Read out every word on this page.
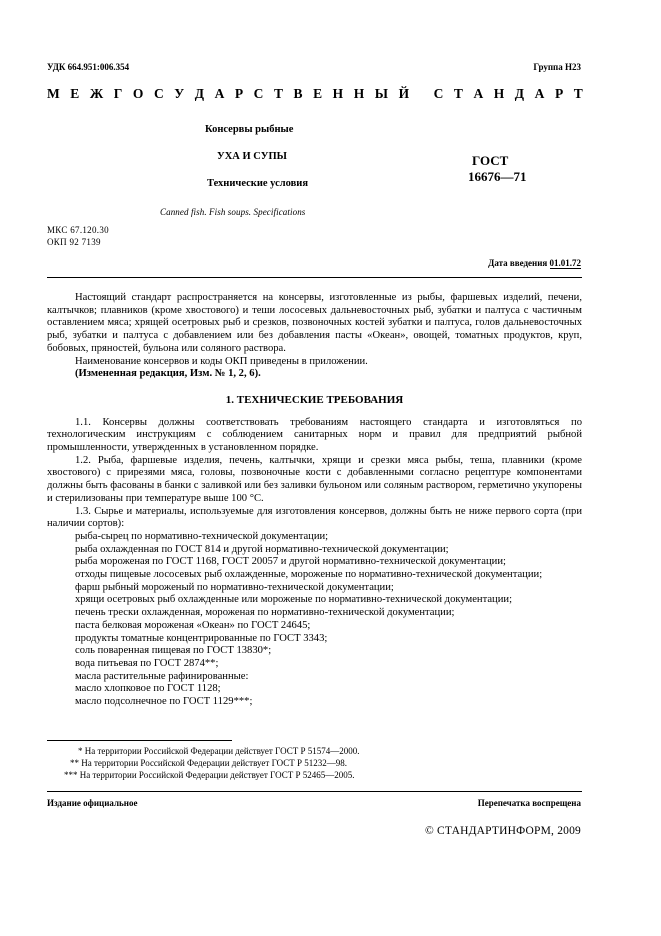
УДК 664.951:006.354	Группа Н23
М Е Ж Г О С У Д А Р С Т В Е Н Н Ы Й
С Т А Н Д А Р Т
Консервы рыбные
УХА И СУПЫ
Технические условия
ГОСТ
16676—71
Canned fish. Fish soups. Specifications
МКС 67.120.30
ОКП 92 7139
Дата введения 01.01.72

Настоящий стандарт распространяется на консервы, изготовленные из рыбы, фаршевых изделий, печени, калтычков; плавников (кроме хвостового) и теши лососевых дальневосточных рыб, зубатки и палтуса с частичным оставлением мяса; хрящей осетровых рыб и срезков, позвоночных костей зубатки и палтуса, голов дальневосточных рыб, зубатки и палтуса с добавлением или без добавления пасты «Океан», овощей, томатных продуктов, круп, бобовых, пряностей, бульона или соляного раствора.

Наименование консервов и коды ОКП приведены в приложении.

(Измененная редакция, Изм. № 1, 2, 6).

1. ТЕХНИЧЕСКИЕ ТРЕБОВАНИЯ

1.1. Консервы должны соответствовать требованиям настоящего стандарта и изготовляться по технологическим инструкциям с соблюдением санитарных норм и правил для предприятий рыбной промышленности, утвержденных в установленном порядке.

1.2. Рыба, фаршевые изделия, печень, калтычки, хрящи и срезки мяса рыбы, теша, плавники (кроме хвостового) с прирезями мяса, головы, позвоночные кости с добавленными согласно рецептуре компонентами должны быть фасованы в банки с заливкой или без заливки бульоном или соляным раствором, герметично укупорены и стерилизованы при температуре выше 100 °С.

1.3. Сырье и материалы, используемые для изготовления консервов, должны быть не ниже первого сорта (при наличии сортов):

рыба-сырец по нормативно-технической документации;

рыба охлажденная по ГОСТ 814 и другой нормативно-технической документации;

рыба мороженая по ГОСТ 1168, ГОСТ 20057 и другой нормативно-технической документации;

отходы пищевые лососевых рыб охлажденные, мороженые по нормативно-технической документации;

фарш рыбный мороженый по нормативно-технической документации;

хрящи осетровых рыб охлажденные или мороженые по нормативно-технической документации;

печень трески охлажденная, мороженая по нормативно-технической документации;

паста белковая мороженая «Океан» по ГОСТ 24645;

продукты томатные концентрированные по ГОСТ 3343;

соль поваренная пищевая по ГОСТ 13830*;

вода питьевая по ГОСТ 2874**;

масла растительные рафинированные:

масло хлопковое по ГОСТ 1128;

масло подсолнечное по ГОСТ 1129***;

* На территории Российской Федерации действует ГОСТ Р 51574—2000.
** На территории Российской Федерации действует ГОСТ Р 51232—98.
*** На территории Российской Федерации действует ГОСТ Р 52465—2005.
Издание официальное	Перепечатка воспрещена
© СТАНДАРТИНФОРМ, 2009
